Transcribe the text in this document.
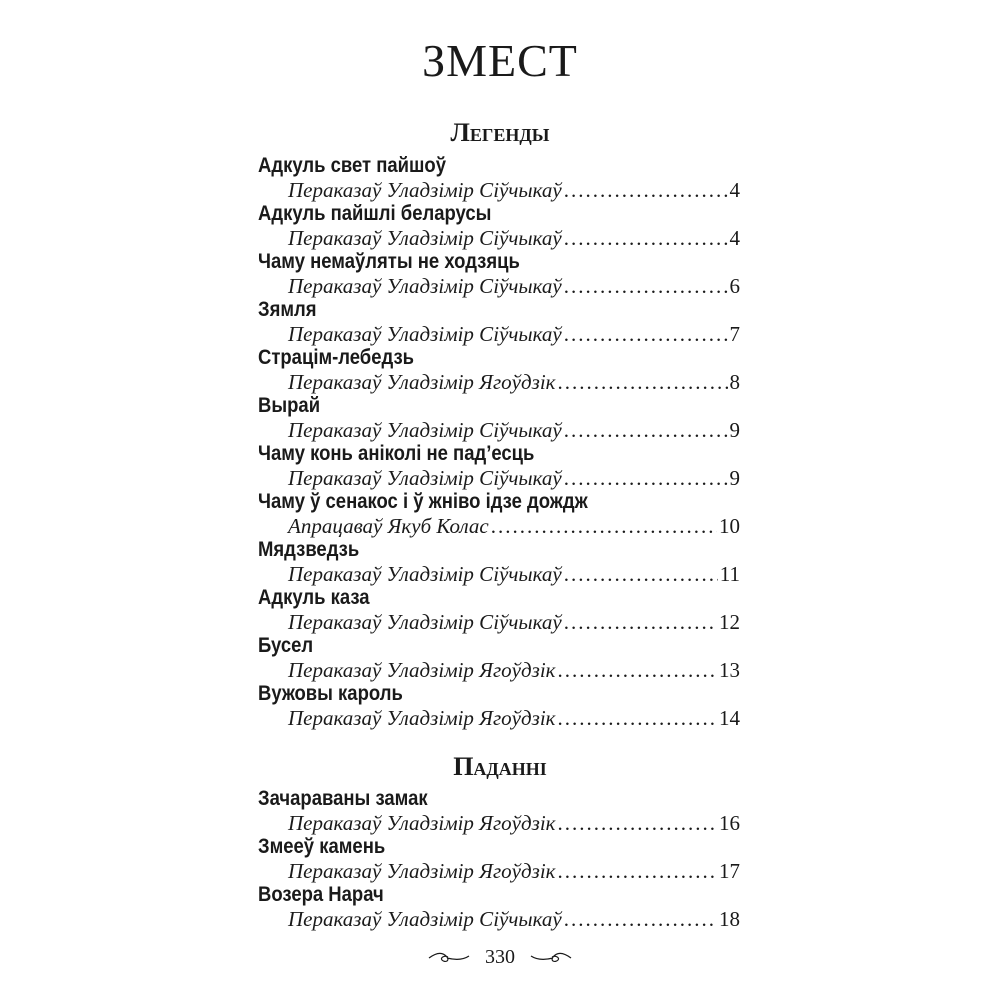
ЗМЕСТ
Легенды
Адкуль свет пайшоў
Пераказаў Уладзімір Сіўчыкаў .....	4
Адкуль пайшлі беларусы
Пераказаў Уладзімір Сіўчыкаў .....	4
Чаму немаўляты не ходзяць
Пераказаў Уладзімір Сіўчыкаў .....	6
Зямля
Пераказаў Уладзімір Сіўчыкаў .....	7
Страцім-лебедзь
Пераказаў Уладзімір Ягоўдзік .....	8
Вырай
Пераказаў Уладзімір Сіўчыкаў .....	9
Чаму конь аніколі не пад’есць
Пераказаў Уладзімір Сіўчыкаў .....	9
Чаму ў сенакос і ў жніво ідзе дождж
Апрацаваў Якуб Колас .....	10
Мядзведзь
Пераказаў Уладзімір Сіўчыкаў .....	11
Адкуль каза
Пераказаў Уладзімір Сіўчыкаў .....	12
Бусел
Пераказаў Уладзімір Ягоўдзік .....	13
Вужовы кароль
Пераказаў Уладзімір Ягоўдзік .....	14
Паданні
Зачараваны замак
Пераказаў Уладзімір Ягоўдзік .....	16
Змееў камень
Пераказаў Уладзімір Ягоўдзік .....	17
Возера Нарач
Пераказаў Уладзімір Сіўчыкаў .....	18
330
